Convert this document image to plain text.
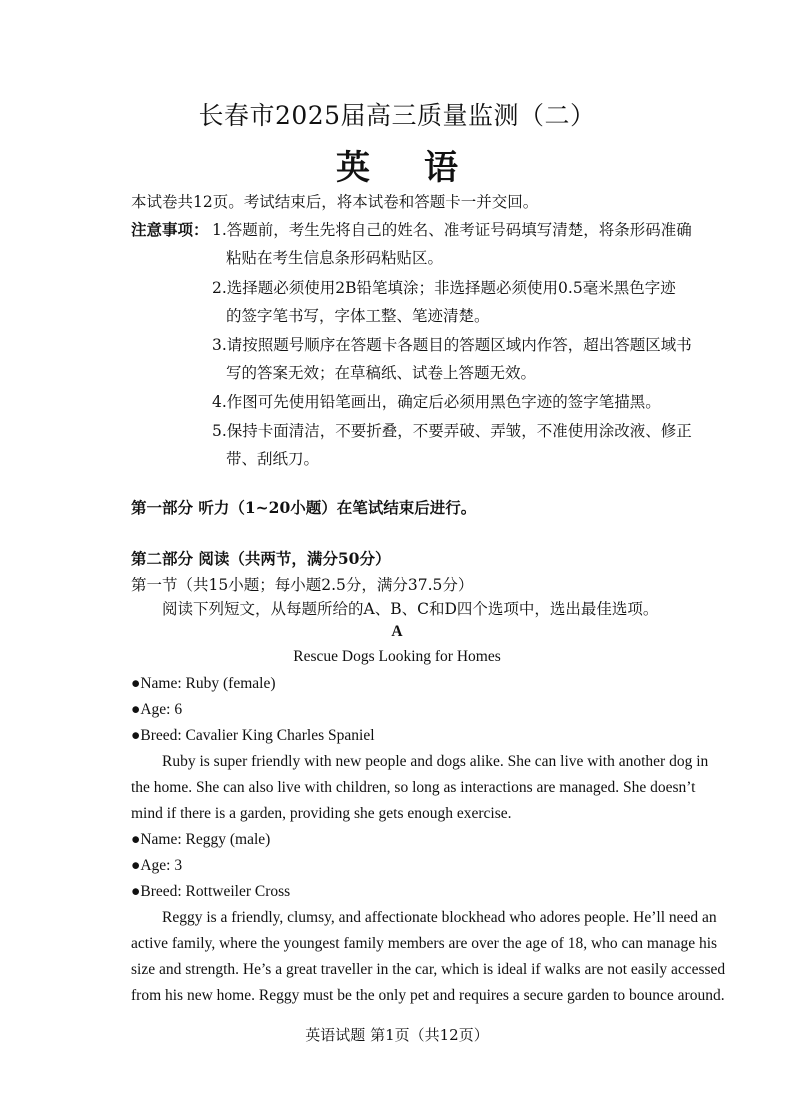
长春市2025届高三质量监测（二）
英语
本试卷共12页。考试结束后，将本试卷和答题卡一并交回。
注意事项： 1.答题前，考生先将自己的姓名、准考证号码填写清楚，将条形码准确
粘贴在考生信息条形码粘贴区。
2.选择题必须使用2B铅笔填涂；非选择题必须使用0.5毫米黑色字迹
的签字笔书写，字体工整、笔迹清楚。
3.请按照题号顺序在答题卡各题目的答题区域内作答，超出答题区域书
写的答案无效；在草稿纸、试卷上答题无效。
4.作图可先使用铅笔画出，确定后必须用黑色字迹的签字笔描黑。
5.保持卡面清洁，不要折叠，不要弄破、弄皱，不准使用涂改液、修正
带、刮纸刀。
第一部分 听力（1~20小题）在笔试结束后进行。
第二部分 阅读（共两节，满分50分）
第一节（共15小题；每小题2.5分，满分37.5分）
阅读下列短文，从每题所给的A、B、C和D四个选项中，选出最佳选项。
A
Rescue Dogs Looking for Homes
●Name: Ruby (female)
●Age: 6
●Breed: Cavalier King Charles Spaniel
Ruby is super friendly with new people and dogs alike. She can live with another dog in
the home. She can also live with children, so long as interactions are managed. She doesn’t
mind if there is a garden, providing she gets enough exercise.
●Name: Reggy (male)
●Age: 3
●Breed: Rottweiler Cross
Reggy is a friendly, clumsy, and affectionate blockhead who adores people. He’ll need an
active family, where the youngest family members are over the age of 18, who can manage his
size and strength. He’s a great traveller in the car, which is ideal if walks are not easily accessed
from his new home. Reggy must be the only pet and requires a secure garden to bounce around.
英语试题 第1页（共12页）
